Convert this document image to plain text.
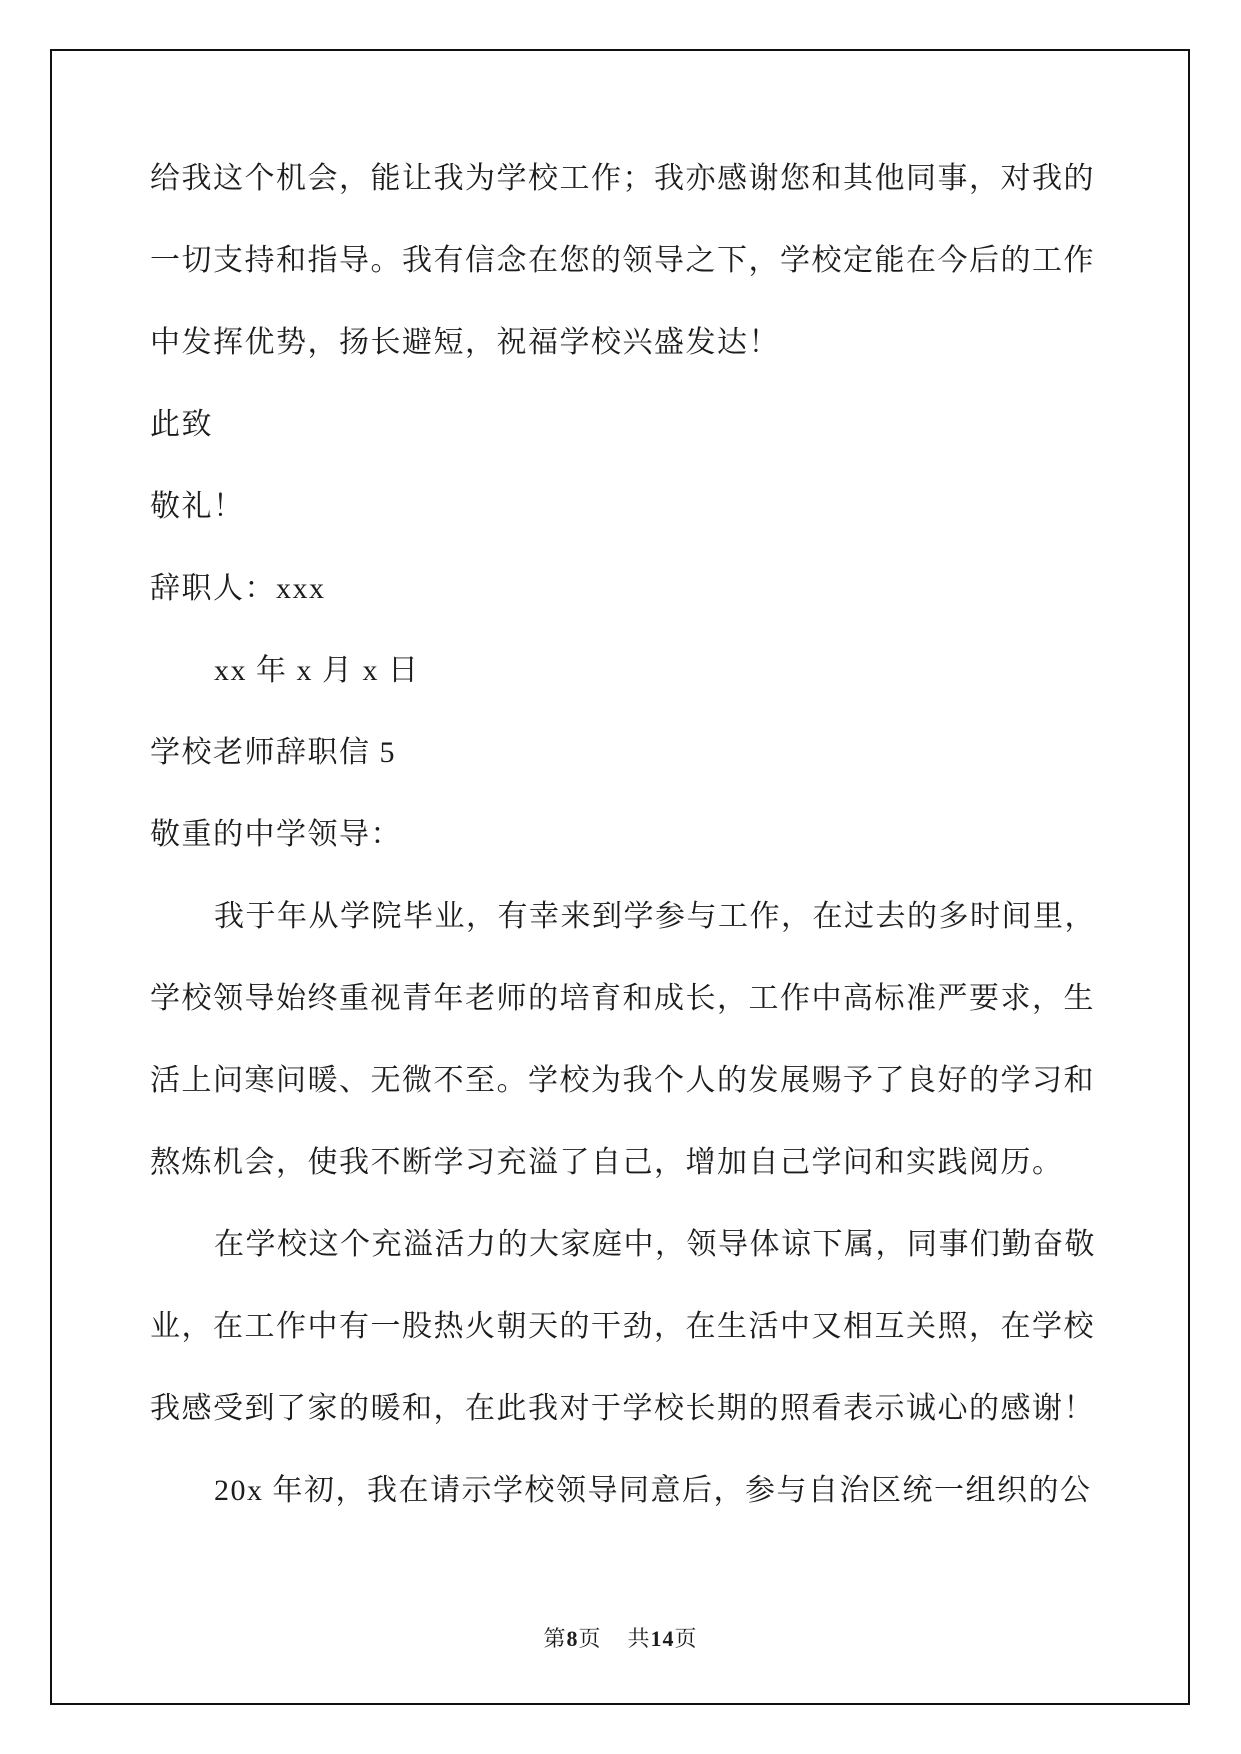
给我这个机会，能让我为学校工作；我亦感谢您和其他同事，对我的
一切支持和指导。我有信念在您的领导之下，学校定能在今后的工作
中发挥优势，扬长避短，祝福学校兴盛发达！
此致
敬礼！
辞职人：xxx
xx 年 x 月 x 日
学校老师辞职信 5
敬重的中学领导：
我于年从学院毕业，有幸来到学参与工作，在过去的多时间里，
学校领导始终重视青年老师的培育和成长，工作中高标准严要求，生
活上问寒问暖、无微不至。学校为我个人的发展赐予了良好的学习和
熬炼机会，使我不断学习充溢了自己，增加自己学问和实践阅历。
在学校这个充溢活力的大家庭中，领导体谅下属，同事们勤奋敬
业，在工作中有一股热火朝天的干劲，在生活中又相互关照，在学校
我感受到了家的暖和，在此我对于学校长期的照看表示诚心的感谢！
20x 年初，我在请示学校领导同意后，参与自治区统一组织的公
第8页 共14页
